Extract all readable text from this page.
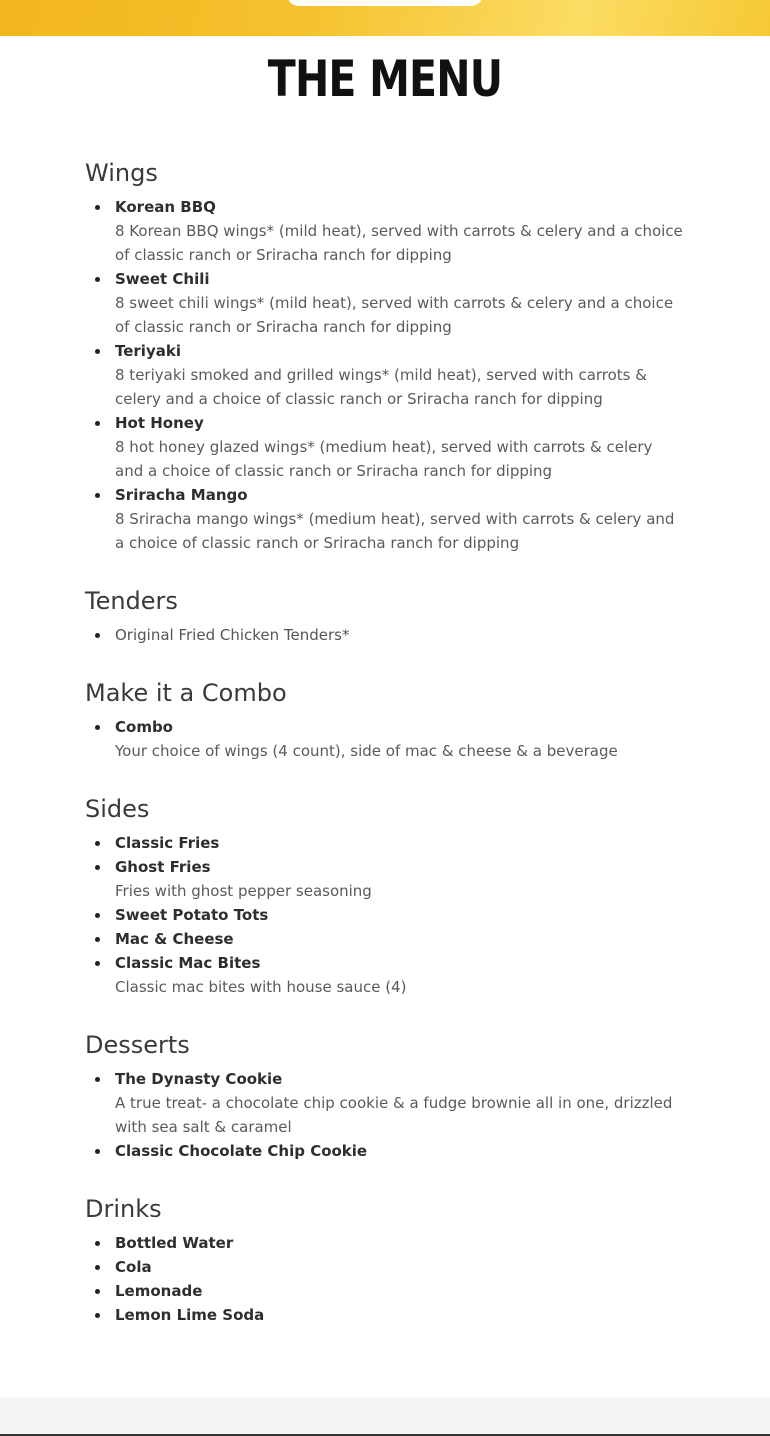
THE MENU
Wings
Korean BBQ
8 Korean BBQ wings* (mild heat), served with carrots & celery and a choice of classic ranch or Sriracha ranch for dipping
Sweet Chili
8 sweet chili wings* (mild heat), served with carrots & celery and a choice of classic ranch or Sriracha ranch for dipping
Teriyaki
8 teriyaki smoked and grilled wings* (mild heat), served with carrots & celery and a choice of classic ranch or Sriracha ranch for dipping
Hot Honey
8 hot honey glazed wings* (medium heat), served with carrots & celery and a choice of classic ranch or Sriracha ranch for dipping
Sriracha Mango
8 Sriracha mango wings* (medium heat), served with carrots & celery and a choice of classic ranch or Sriracha ranch for dipping
Tenders
Original Fried Chicken Tenders*
Make it a Combo
Combo
Your choice of wings (4 count), side of mac & cheese & a beverage
Sides
Classic Fries
Ghost Fries
Fries with ghost pepper seasoning
Sweet Potato Tots
Mac & Cheese
Classic Mac Bites
Classic mac bites with house sauce (4)
Desserts
The Dynasty Cookie
A true treat- a chocolate chip cookie & a fudge brownie all in one, drizzled with sea salt & caramel
Classic Chocolate Chip Cookie
Drinks
Bottled Water
Cola
Lemonade
Lemon Lime Soda
